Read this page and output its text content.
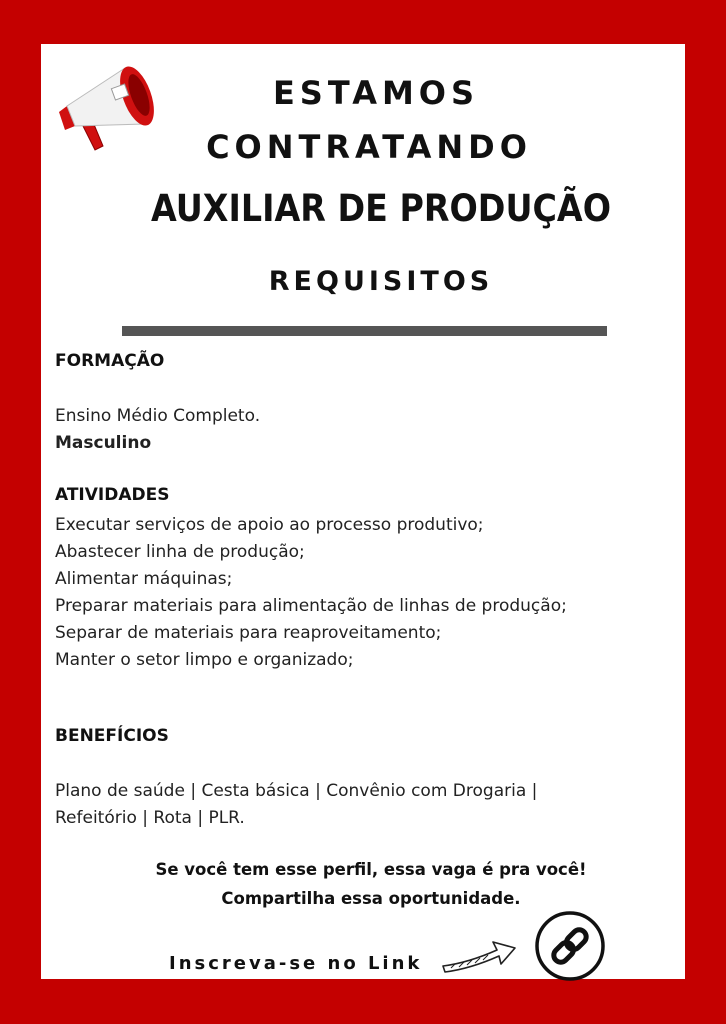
ESTAMOS
CONTRATANDO
AUXILIAR DE PRODUÇÃO
REQUISITOS
FORMAÇÃO
Ensino Médio Completo.
Masculino
ATIVIDADES
Executar serviços de apoio ao processo produtivo;
Abastecer linha de produção;
Alimentar máquinas;
Preparar materiais para alimentação de linhas de produção;
Separar de materiais para reaproveitamento;
Manter o setor limpo e organizado;
BENEFÍCIOS
Plano de saúde | Cesta básica | Convênio com Drogaria |
Refeitório | Rota | PLR.
Se você tem esse perfil, essa vaga é pra você!
Compartilha essa oportunidade.
Inscreva-se no Link
